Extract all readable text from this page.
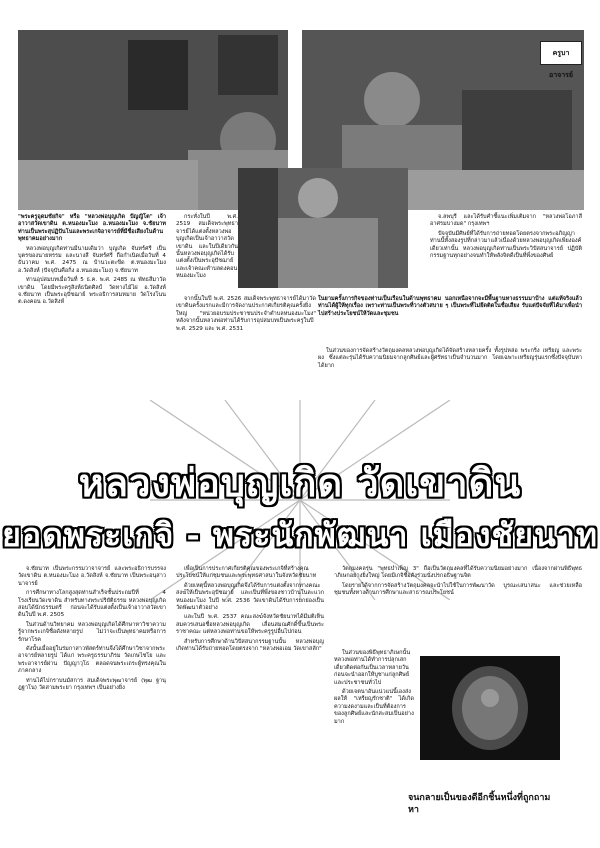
ครูบาอาจารย์

"พระครูอุดมชัยกิจ" หรือ "หลวงพ่อบุญเกิด ปัญญิโต" เจ้าอาวาสวัดเขาดิน ต.หนองมะโมง อ.หนองมะโมง จ.ชัยนาท ท่านเป็นพระสุปฏิปันโนและพระเกจิอาจารย์ที่มีชื่อเสียงในด้านพุทธาคมอย่างมาก

หลวงพ่อบุญเกิดท่านมีนามเดิมว่า บุญเกิด จันทร์ศรี เป็นบุตรของนายหรรม และนางสี จันทร์ศรี ถือกำเนิดเมื่อวันที่ 4 ธันวาคม พ.ศ. 2475 ณ บ้านวะตะขีด ต.หนองมะโมง อ.วัดสิงห์ (ปัจจุบันคือกิ่ง อ.หนองมะโมง) จ.ชัยนาท

ท่านอุปสมบทเมื่อวันที่ 5 ธ.ค. พ.ศ. 2485 ณ พัทธสีมาวัดเขาดิน โดยมีพระครูสิงห์ธนิตศิลป์ วัดทางไม้ไผ่ อ.วัดสิงห์ จ.ชัยนาท เป็นพระอุปัชฌาย์ พระอธิการสมหมาย วัดโรงโนน ต.ดงคอน อ.วัดสิงห์

กระทั่งในปี พ.ศ. 2519 สมเด็จพระพุทธาจารย์ได้แต่งตั้งหลวงพ่อบุญเกิดเป็นเจ้าอาวาสวัดเขาดิน และในปีเดียวกันนั้นหลวงพ่อบุญเกิดได้รับแต่งตั้งเป็นพระอุปัชฌาย์และเจ้าคณะตำบลดงคอน หนองมะโมง

จากนั้นในปี พ.ศ. 2526 สมเด็จพระพุทธาจารย์ได้มาวัดเขาดินครั้งแรกและมีการจัดงานประกาศเกียรติคุณครั้งยิ่งใหญ่ "หน่วยอบรมประชาชนประจำตำบลหนองมะโมง" หลังจากนั้นหลวงพ่อท่านได้รับการอุปสมบทเป็นพระครูในปี พ.ศ. 2529 และ พ.ศ. 2531

จ.ลพบุรี และได้รับคำชี้แนะเพิ่มเติมจาก "หลวงพ่อโอภาสี อาศรมบางมด" กรุงเทพฯ

ปัจจุบันมีศิษย์ที่ได้รับการถ่ายทอดโดยตรงจากพระอภิญญาท่านนี้ทั้งสองรูปที่กล่าวมาแล้วเนื่องด้วยหลวงพ่อบุญเกิดเพียงองค์เดียวเท่านั้น หลวงพ่อบุญเกิดท่านเป็นพระวิปัสสนาจารย์ ปฏิบัติกรรมฐานทุกอย่างจนทำให้พลังจิตดีเป็นที่พึ่งของศิษย์

ในยามครั้งภารกิจของท่านเป็นเรือนในด้านพุทธาคม นอกเหนือจากจะมีพื้นฐานทางธรรมมาบ้าง แต่แท้จริงแล้วท่านได้ผู้ให้ทุกเรื่อง เพราะท่านเป็นพระที่วางตัวสบาย ๆ เป็นพระที่ไม่ยึดติดในชื่อเสียง รับแต่ปัจจัยที่ได้มาเพื่อนำไปสร้างประโยชน์ให้วัดและชุมชน

ในส่วนของการจัดสร้างวัตถุมงคลหลวงพ่อบุญเกิดได้จัดสร้างหลายครั้ง ทั้งรูปหล่อ พระกริ่ง เหรียญ และพระผง ซึ่งแต่ละรุ่นได้รับความนิยมจากลูกศิษย์และผู้ศรัทธาเป็นจำนวนมาก โดยเฉพาะเหรียญรุ่นแรกซึ่งปัจจุบันหาได้ยาก

หลวงพ่อบุญเกิด วัดเขาดิน
ยอดพระเกจิ - พระนักพัฒนา เมืองชัยนาท

จ.ชัยนาท เป็นพระกรรมวาจาจารย์ และพระอธิการบรรจง วัดเขาดิน ต.หนองมะโมง อ.วัดสิงห์ จ.ชัยนาท เป็นพระอนุสาวนาจารย์

การศึกษาทางโลกสูงสุดท่านสำเร็จชั้นประถมปีที่ 4 โรงเรียนวัดเขาดิน สำหรับทางพระปริยัติธรรม หลวงพ่อบุญเกิดสอบได้นักธรรมตรี ก่อนจะได้รับแต่งตั้งเป็นเจ้าอาวาสวัดเขาดินในปี พ.ศ. 2505

ในส่วนด้านวิทยาคม หลวงพ่อบุญเกิดได้ศึกษาหาวิชาความรู้จากพระเกจิชื่อดังหลายรูป ไม่ว่าจะเป็นพุทธาคมหรือการรักษาโรค

ดังนั้นเมื่ออยู่ในร่มกาสาวพัสตร์ท่านจึงได้ศึกษาวิชาจากพระอาจารย์หลายรูป ได้แก่ พระครูธรรมาภิรม วัดเกษไชโย และพระอาจารย์ผ่าน ปัญญาวุโธ ตลอดจนพระเถระผู้ทรงคุณในภาคกลาง

ท่านได้ไปกราบนมัสการ สมเด็จพระพุฒาจารย์ (พุฒ ฐานุฎฐาโน) วัดสามพระยา กรุงเทพฯ เป็นอย่างยิ่ง

เพื่อเป็นการประกาศเกียรติคุณของพระเกจิที่สร้างคุณประโยชน์ให้แก่ชุมชนและพระพุทธศาสนาในจังหวัดชัยนาท

ด้วยเหตุนี้หลวงพ่อบุญเกิดจึงได้รับการแต่งตั้งจากทางคณะสงฆ์ให้เป็นพระอุปัชฌาย์ และเป็นที่พึ่งของชาวบ้านในละแวกหนองมะโมง ในปี พ.ศ. 2536 วัดเขาดินได้รับการยกย่องเป็นวัดพัฒนาตัวอย่าง

และในปี พ.ศ. 2537 คณะสงฆ์จังหวัดชัยนาทได้มีมติเห็นสมควรเสนอชื่อหลวงพ่อบุญเกิด เลื่อนสมณศักดิ์ขึ้นเป็นพระราชาคณะ แต่หลวงพ่อท่านขอให้พระครูรูปอื่นไปก่อน

สำหรับการศึกษาด้านวิปัสสนากรรมฐานนั้น หลวงพ่อบุญเกิดท่านได้รับถ่ายทอดโดยตรงจาก "หลวงพ่อเอม วัดเขาสลัก"

วัตถุมงคลรุ่น "พุทธบำเพ็ญ 3" ถือเป็นวัตถุมงคลที่ได้รับความนิยมอย่างมาก เนื่องจากผ่านพิธีพุทธาภิเษกอย่างยิ่งใหญ่ โดยมีเกจิชื่อดังร่วมนั่งปรกอธิษฐานจิต

โดยรายได้จากการจัดสร้างวัตถุมงคลจะนำไปใช้ในการพัฒนาวัด บูรณะเสนาสนะ และช่วยเหลือชุมชนทั้งทางด้านการศึกษาและสาธารณประโยชน์

ในส่วนของพิธีพุทธาภิเษกนั้นหลวงพ่อท่านได้ทำการปลุกเสกเดี่ยวติดต่อกันเป็นเวลาหลายวัน ก่อนจะนำออกให้บูชาแก่ลูกศิษย์และประชาชนทั่วไป

ด้วยเจตนาอันแน่วแน่นี้เองส่งผลให้ "เหรียญรักชาติ" ได้เกิดความงดงามและเป็นที่ต้องการของลูกศิษย์และนักสะสมเป็นอย่างมาก

จนกลายเป็นของดีอีกชิ้นหนึ่งที่ถูกถามหา
